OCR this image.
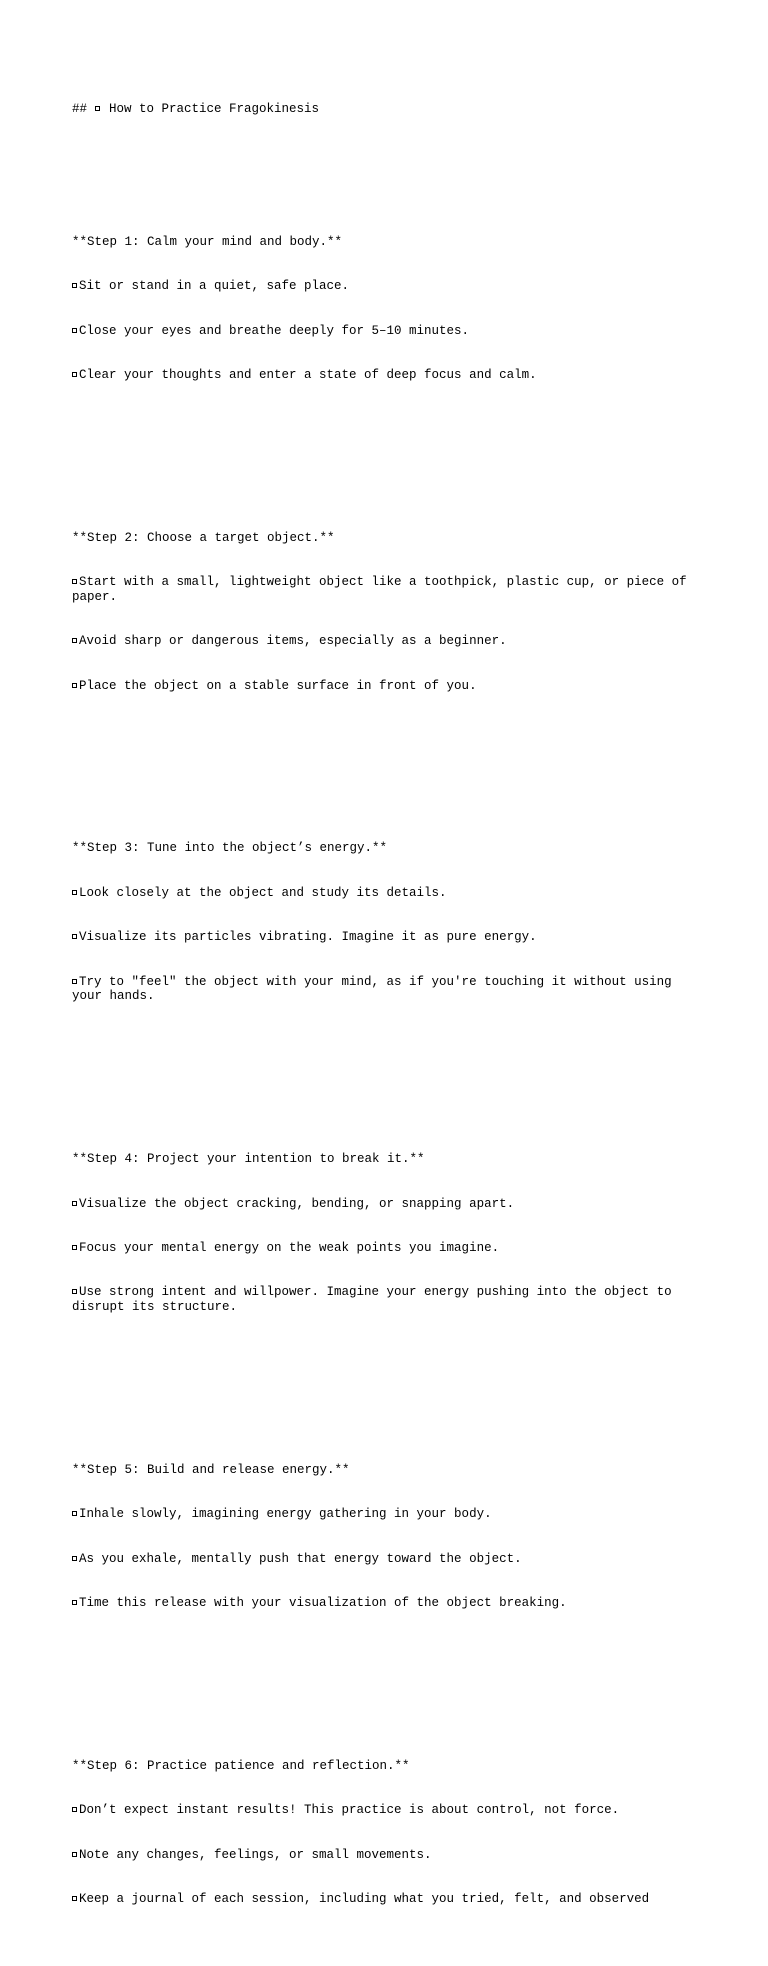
##  How to Practice Fragokinesis

**Step 1: Calm your mind and body.**

Sit or stand in a quiet, safe place.

Close your eyes and breathe deeply for 5–10 minutes.

Clear your thoughts and enter a state of deep focus and calm.

**Step 2: Choose a target object.**

Start with a small, lightweight object like a toothpick, plastic cup, or piece of paper.

Avoid sharp or dangerous items, especially as a beginner.

Place the object on a stable surface in front of you.

**Step 3: Tune into the object’s energy.**

Look closely at the object and study its details.

Visualize its particles vibrating. Imagine it as pure energy.

Try to "feel" the object with your mind, as if you're touching it without using your hands.

**Step 4: Project your intention to break it.**

Visualize the object cracking, bending, or snapping apart.

Focus your mental energy on the weak points you imagine.

Use strong intent and willpower. Imagine your energy pushing into the object to disrupt its structure.

**Step 5: Build and release energy.**

Inhale slowly, imagining energy gathering in your body.

As you exhale, mentally push that energy toward the object.

Time this release with your visualization of the object breaking.

**Step 6: Practice patience and reflection.**

Don’t expect instant results! This practice is about control, not force.

Note any changes, feelings, or small movements.

Keep a journal of each session, including what you tried, felt, and observed
